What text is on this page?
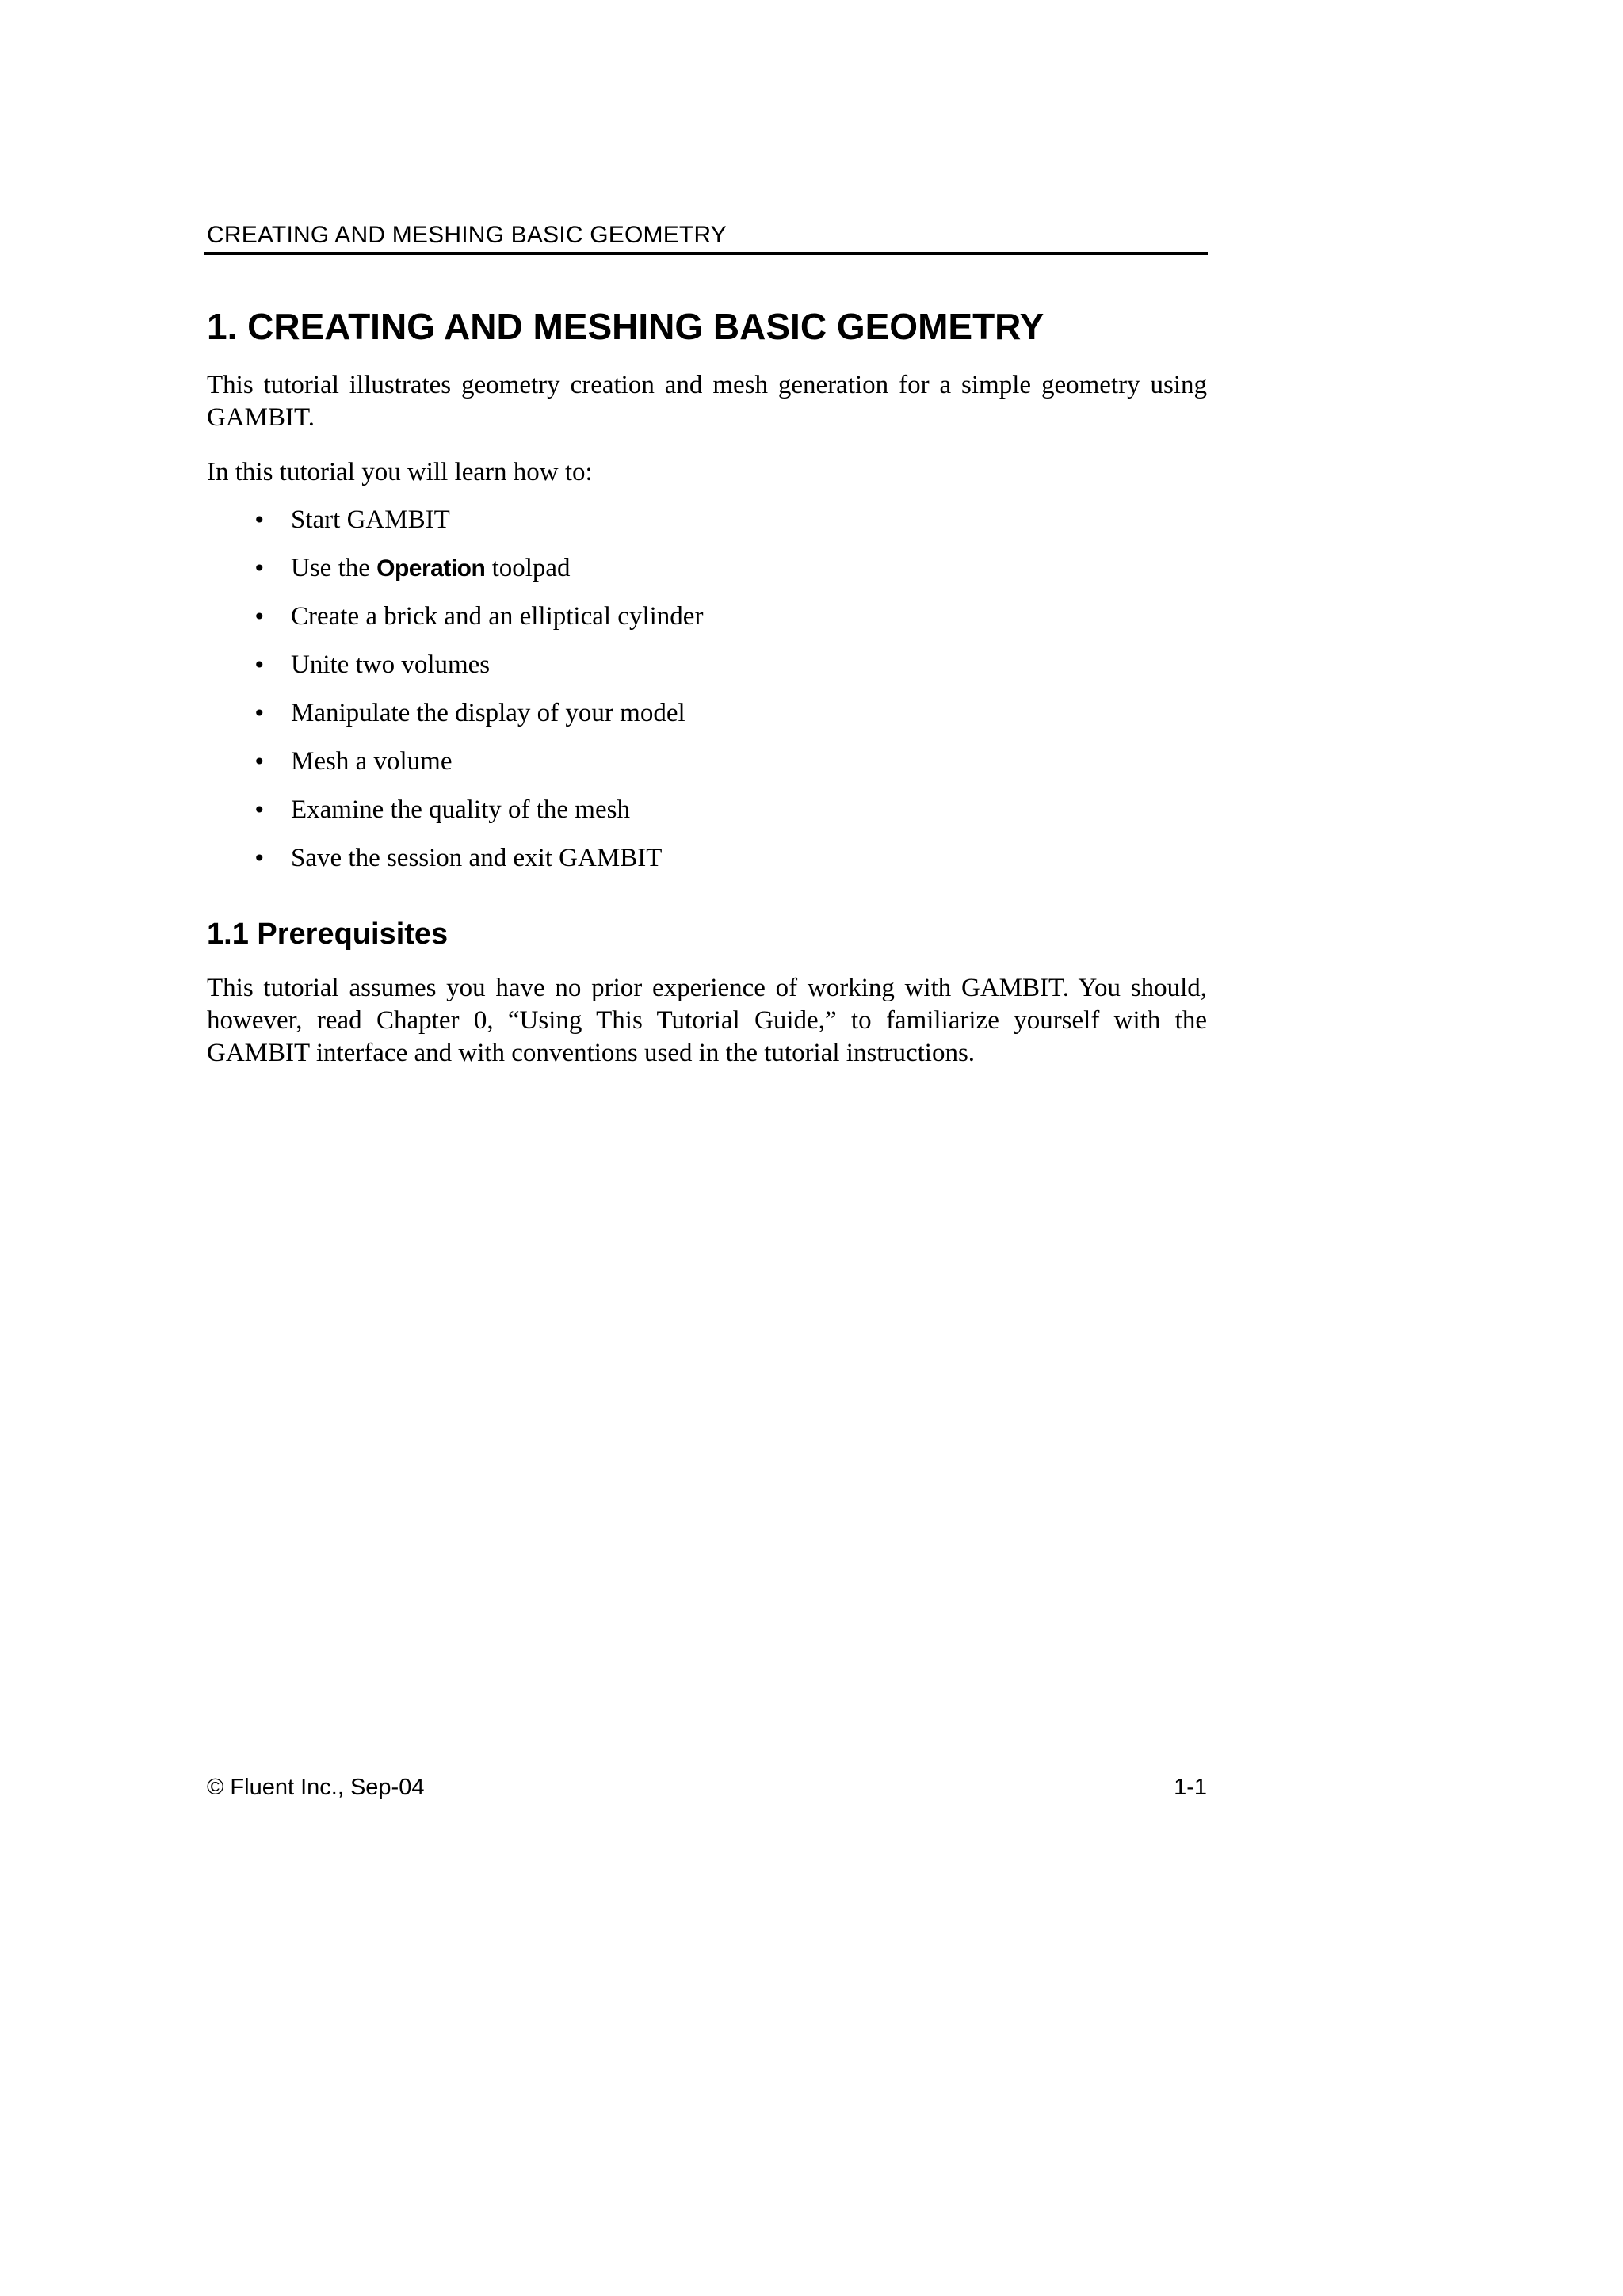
CREATING AND MESHING BASIC GEOMETRY
1. CREATING AND MESHING BASIC GEOMETRY

This tutorial illustrates geometry creation and mesh generation for a simple geometry using GAMBIT.

In this tutorial you will learn how to:

• Start GAMBIT
• Use the Operation toolpad
• Create a brick and an elliptical cylinder
• Unite two volumes
• Manipulate the display of your model
• Mesh a volume
• Examine the quality of the mesh
• Save the session and exit GAMBIT
1.1 Prerequisites

This tutorial assumes you have no prior experience of working with GAMBIT. You should, however, read Chapter 0, “Using This Tutorial Guide,” to familiarize yourself with the GAMBIT interface and with conventions used in the tutorial instructions.

© Fluent Inc., Sep-04	1-1
